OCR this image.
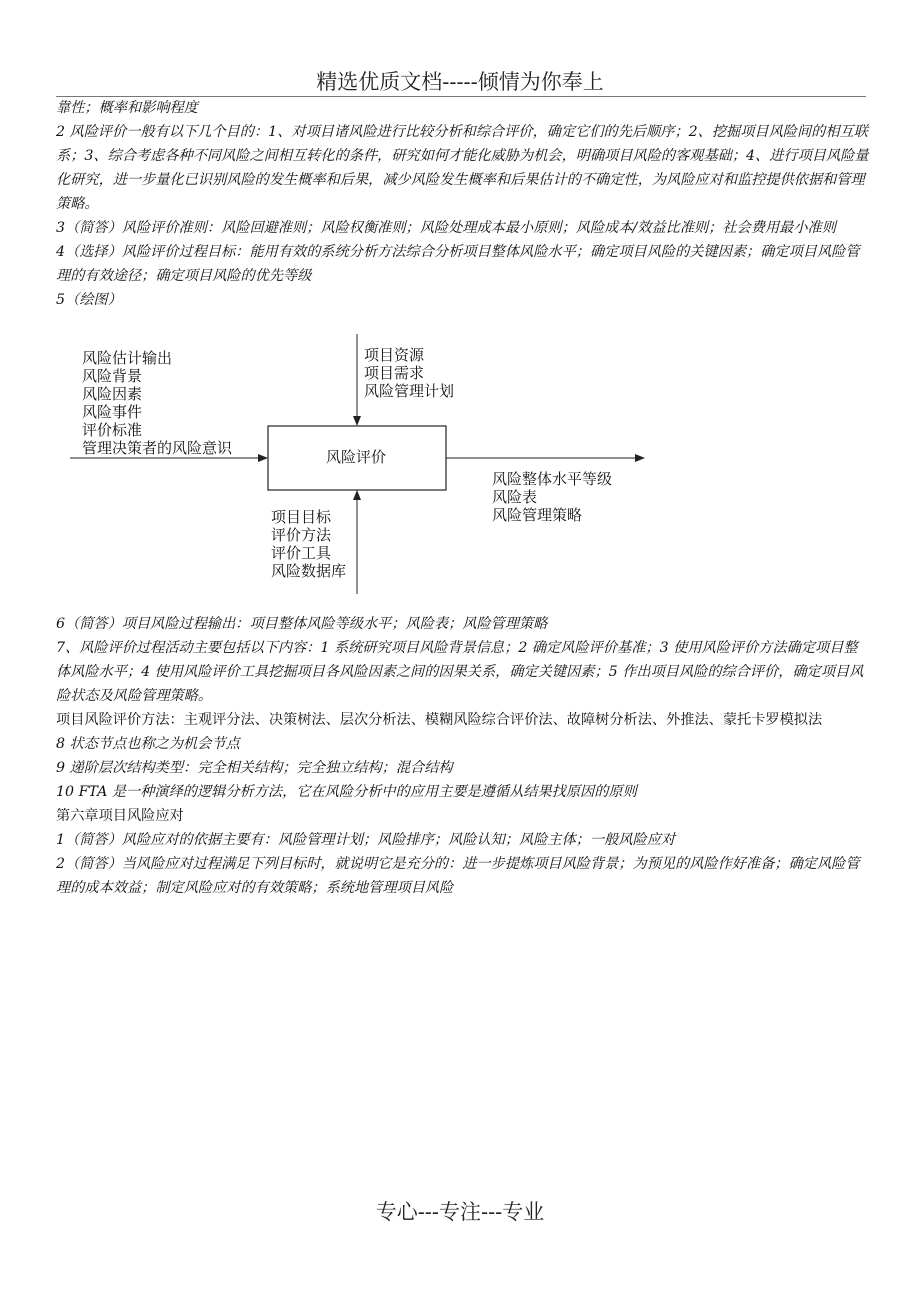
精选优质文档-----倾情为你奉上

靠性；概率和影响程度

2 风险评价一般有以下几个目的：1、对项目诸风险进行比较分析和综合评价，确定它们的先后顺序；2、挖掘项目风险间的相互联系；3、综合考虑各种不同风险之间相互转化的条件，研究如何才能化威胁为机会，明确项目风险的客观基础；4、进行项目风险量化研究，进一步量化已识别风险的发生概率和后果，减少风险发生概率和后果估计的不确定性，为风险应对和监控提供依据和管理策略。

3（简答）风险评价准则：风险回避准则；风险权衡准则；风险处理成本最小原则；风险成本/效益比准则；社会费用最小准则

4（选择）风险评价过程目标：能用有效的系统分析方法综合分析项目整体风险水平；确定项目风险的关键因素；确定项目风险管理的有效途径；确定项目风险的优先等级

5（绘图）

风险评价
风险估计输出
风险背景
风险因素
风险事件
评价标准
管理决策者的风险意识
项目资源
项目需求
风险管理计划
项目目标
评价方法
评价工具
风险数据库
风险整体水平等级
风险表
风险管理策略

6（简答）项目风险过程输出：项目整体风险等级水平；风险表；风险管理策略

7、风险评价过程活动主要包括以下内容：1 系统研究项目风险背景信息；2 确定风险评价基准；3 使用风险评价方法确定项目整体风险水平；4 使用风险评价工具挖掘项目各风险因素之间的因果关系，确定关键因素；5 作出项目风险的综合评价，确定项目风险状态及风险管理策略。

项目风险评价方法：主观评分法、决策树法、层次分析法、模糊风险综合评价法、故障树分析法、外推法、蒙托卡罗模拟法

8 状态节点也称之为机会节点

9 递阶层次结构类型：完全相关结构；完全独立结构；混合结构

10 FTA 是一种演绎的逻辑分析方法，它在风险分析中的应用主要是遵循从结果找原因的原则

第六章项目风险应对

1（简答）风险应对的依据主要有：风险管理计划；风险排序；风险认知；风险主体；一般风险应对

2（简答）当风险应对过程满足下列目标时，就说明它是充分的：进一步提炼项目风险背景；为预见的风险作好准备；确定风险管理的成本效益；制定风险应对的有效策略；系统地管理项目风险

专心---专注---专业
